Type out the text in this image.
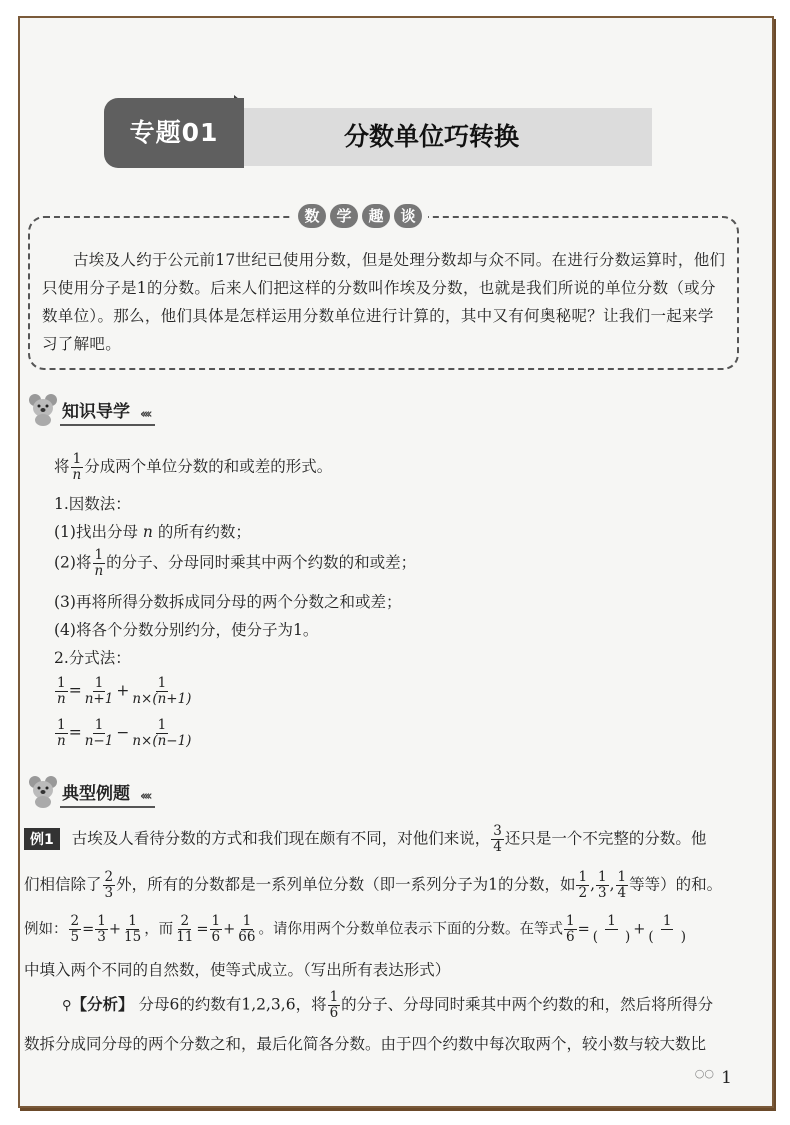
分数单位巧转换
专题01
数	学	趣	谈
古埃及人约于公元前17世纪已使用分数，但是处理分数却与众不同。在进行分数运算时，他们只使用分子是1的分数。后来人们把这样的分数叫作埃及分数，也就是我们所说的单位分数（或分数单位）。那么，他们具体是怎样运用分数单位进行计算的，其中又有何奥秘呢？让我们一起来学习了解吧。
知识导学 ‹‹‹‹
将 $\frac{1}{n}$ 分成两个单位分数的和或差的形式。
1.因数法：
(1)找出分母 n 的所有约数；
(2)将 $\frac{1}{n}$ 的分子、分母同时乘其中两个约数的和或差；
(3)再将所得分数拆成同分母的两个分数之和或差；
(4)将各个分数分别约分，使分子为1。
2.分式法：
$\frac{1}{n} = \frac{1}{n+1} + \frac{1}{n\times(n+1)}$
$\frac{1}{n} = \frac{1}{n-1} - \frac{1}{n\times(n-1)}$
典型例题 ‹‹‹‹
例1 古埃及人看待分数的方式和我们现在颇有不同，对他们来说， $\frac{3}{4}$ 还只是一个不完整的分数。他
们相信除了 $\frac{2}{3}$ 外，所有的分数都是一系列单位分数（即一系列分子为1的分数，如 $\frac{1}{2}$ , $\frac{1}{3}$ , $\frac{1}{4}$ 等等）的和。
例如： $\frac{2}{5} = \frac{1}{3} + \frac{1}{15}$ ，而 $\frac{2}{11} = \frac{1}{6} + \frac{1}{66}$ 。请你用两个分数单位表示下面的分数。在等式 $\frac{1}{6} = \frac{1}{( )} + \frac{1}{( )}$
中填入两个不同的自然数，使等式成立。（写出所有表达形式）
⚲【分析】 分母6的约数有1,2,3,6，将 $\frac{1}{6}$ 的分子、分母同时乘其中两个约数的和，然后将所得分
数拆分成同分母的两个分数之和，最后化简各分数。由于四个约数中每次取两个，较小数与较大数比
○○ 1
